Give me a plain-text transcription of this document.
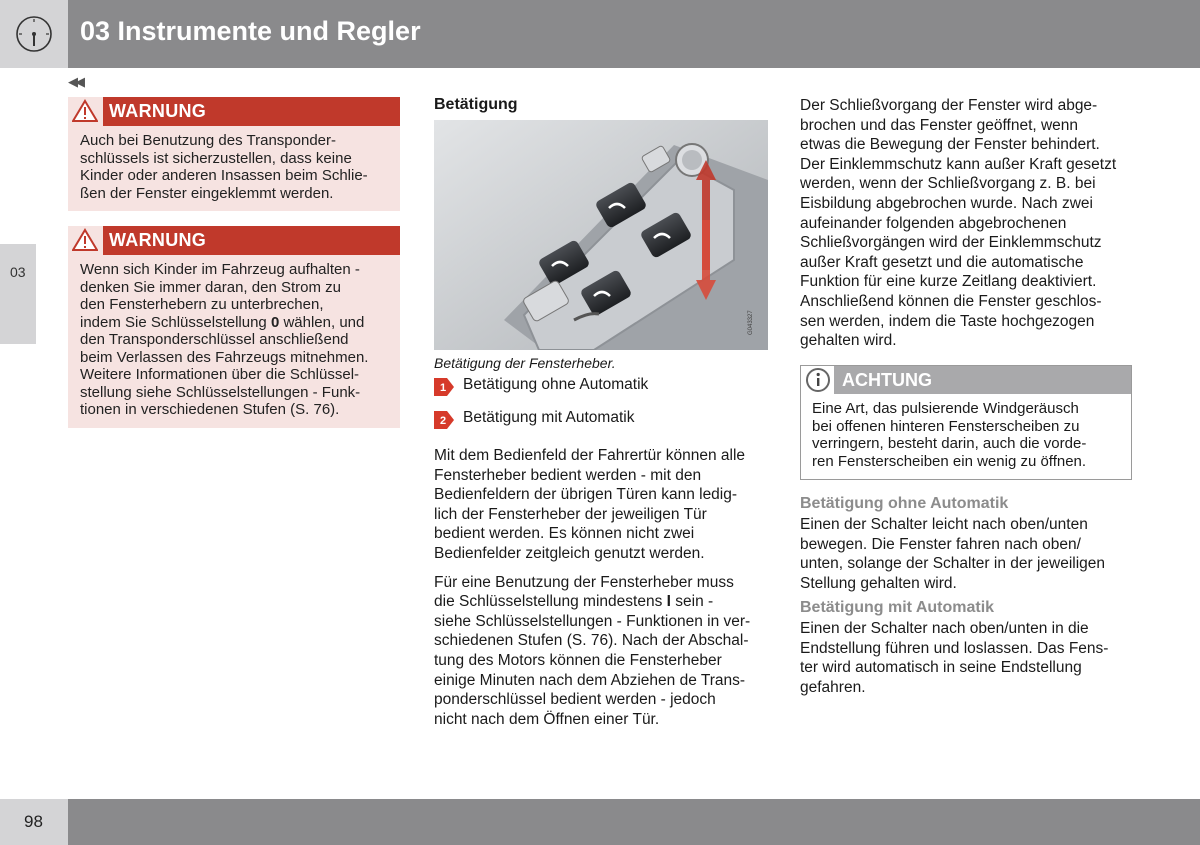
03 Instrumente und Regler
◀◀
03
WARNUNG
Auch bei Benutzung des Transponder-
schlüssels ist sicherzustellen, dass keine
Kinder oder anderen Insassen beim Schlie-
ßen der Fenster eingeklemmt werden.
WARNUNG
Wenn sich Kinder im Fahrzeug aufhalten -
denken Sie immer daran, den Strom zu
den Fensterhebern zu unterbrechen,
indem Sie Schlüsselstellung 0 wählen, und
den Transponderschlüssel anschließend
beim Verlassen des Fahrzeugs mitnehmen.
Weitere Informationen über die Schlüssel-
stellung siehe Schlüsselstellungen - Funk-
tionen in verschiedenen Stufen (S. 76).
Betätigung
G043327
Betätigung der Fensterheber.
1 Betätigung ohne Automatik
2 Betätigung mit Automatik
Mit dem Bedienfeld der Fahrertür können alle
Fensterheber bedient werden - mit den
Bedienfeldern der übrigen Türen kann ledig-
lich der Fensterheber der jeweiligen Tür
bedient werden. Es können nicht zwei
Bedienfelder zeitgleich genutzt werden.
Für eine Benutzung der Fensterheber muss
die Schlüsselstellung mindestens I sein -
siehe Schlüsselstellungen - Funktionen in ver-
schiedenen Stufen (S. 76). Nach der Abschal-
tung des Motors können die Fensterheber
einige Minuten nach dem Abziehen de Trans-
ponderschlüssel bedient werden - jedoch
nicht nach dem Öffnen einer Tür.
Der Schließvorgang der Fenster wird abge-
brochen und das Fenster geöffnet, wenn
etwas die Bewegung der Fenster behindert.
Der Einklemmschutz kann außer Kraft gesetzt
werden, wenn der Schließvorgang z. B. bei
Eisbildung abgebrochen wurde. Nach zwei
aufeinander folgenden abgebrochenen
Schließvorgängen wird der Einklemmschutz
außer Kraft gesetzt und die automatische
Funktion für eine kurze Zeitlang deaktiviert.
Anschließend können die Fenster geschlos-
sen werden, indem die Taste hochgezogen
gehalten wird.
ACHTUNG
Eine Art, das pulsierende Windgeräusch
bei offenen hinteren Fensterscheiben zu
verringern, besteht darin, auch die vorde-
ren Fensterscheiben ein wenig zu öffnen.
Betätigung ohne Automatik
Einen der Schalter leicht nach oben/unten
bewegen. Die Fenster fahren nach oben/
unten, solange der Schalter in der jeweiligen
Stellung gehalten wird.
Betätigung mit Automatik
Einen der Schalter nach oben/unten in die
Endstellung führen und loslassen. Das Fens-
ter wird automatisch in seine Endstellung
gefahren.
98
